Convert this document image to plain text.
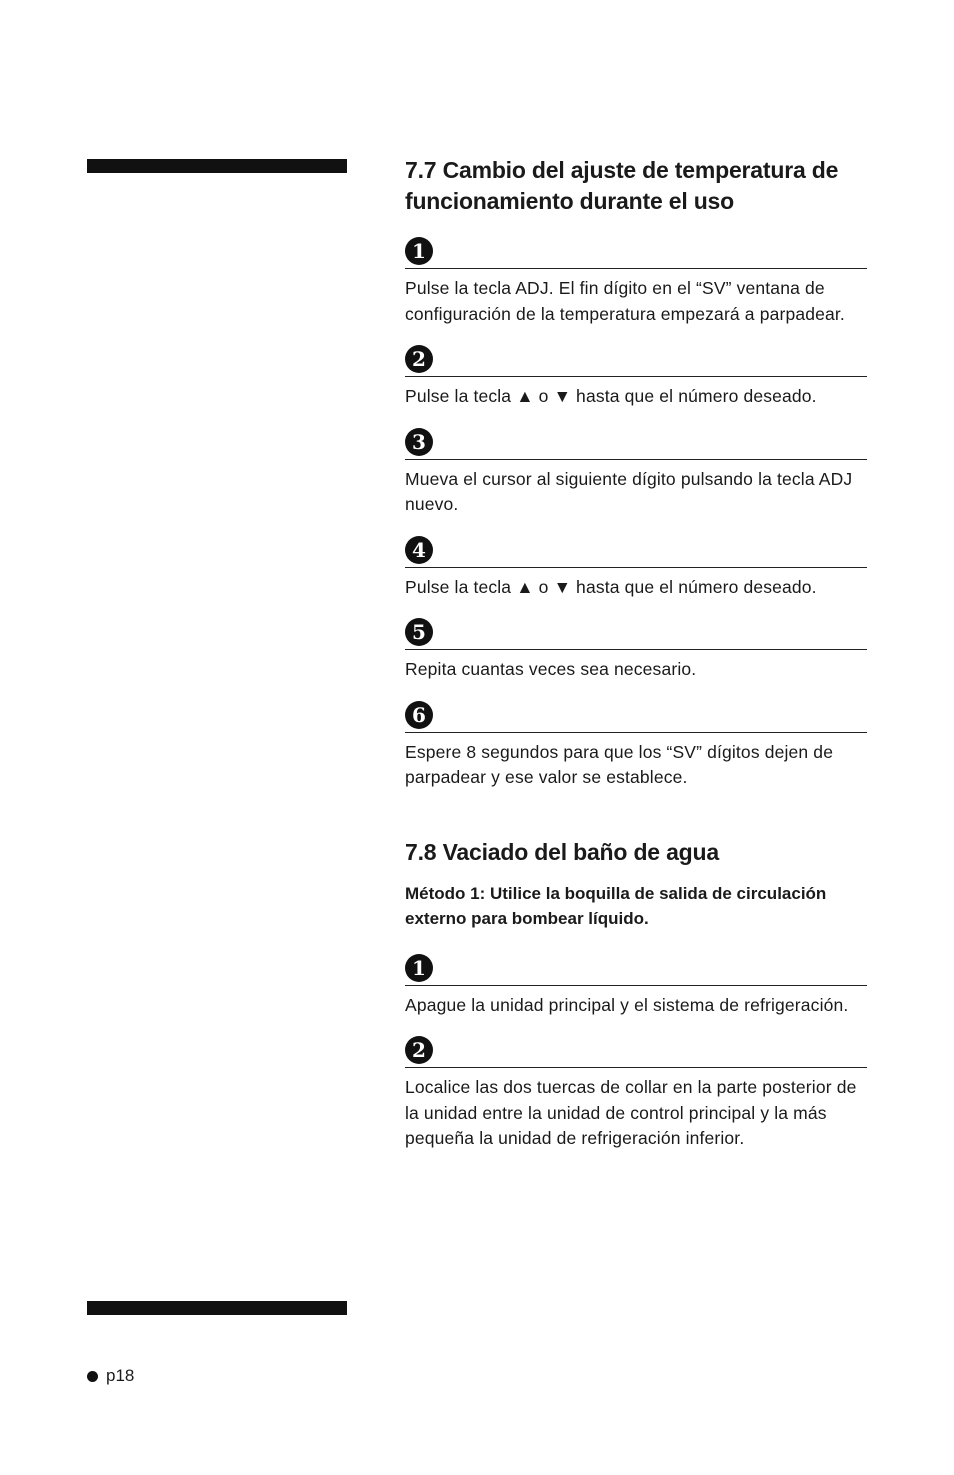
7.7 Cambio del ajuste de temperatura de funcionamiento durante el uso
1

Pulse la tecla ADJ. El fin dígito en el “SV” ventana de configuración de la temperatura empezará a parpadear.

2

Pulse la tecla ▲ o ▼ hasta que el número deseado.

3

Mueva el cursor al siguiente dígito pulsando la tecla ADJ nuevo.

4

Pulse la tecla ▲ o ▼ hasta que el número deseado.

5

Repita cuantas veces sea necesario.

6

Espere 8 segundos para que los “SV” dígitos dejen de parpadear y ese valor se establece.

7.8 Vaciado del baño de agua

Método 1: Utilice la boquilla de salida de circulación externo para bombear líquido.

1

Apague la unidad principal y el sistema de refrigeración.

2

Localice las dos tuercas de collar en la parte posterior de la unidad entre la unidad de control principal y la más pequeña la unidad de refrigeración inferior.

p18
